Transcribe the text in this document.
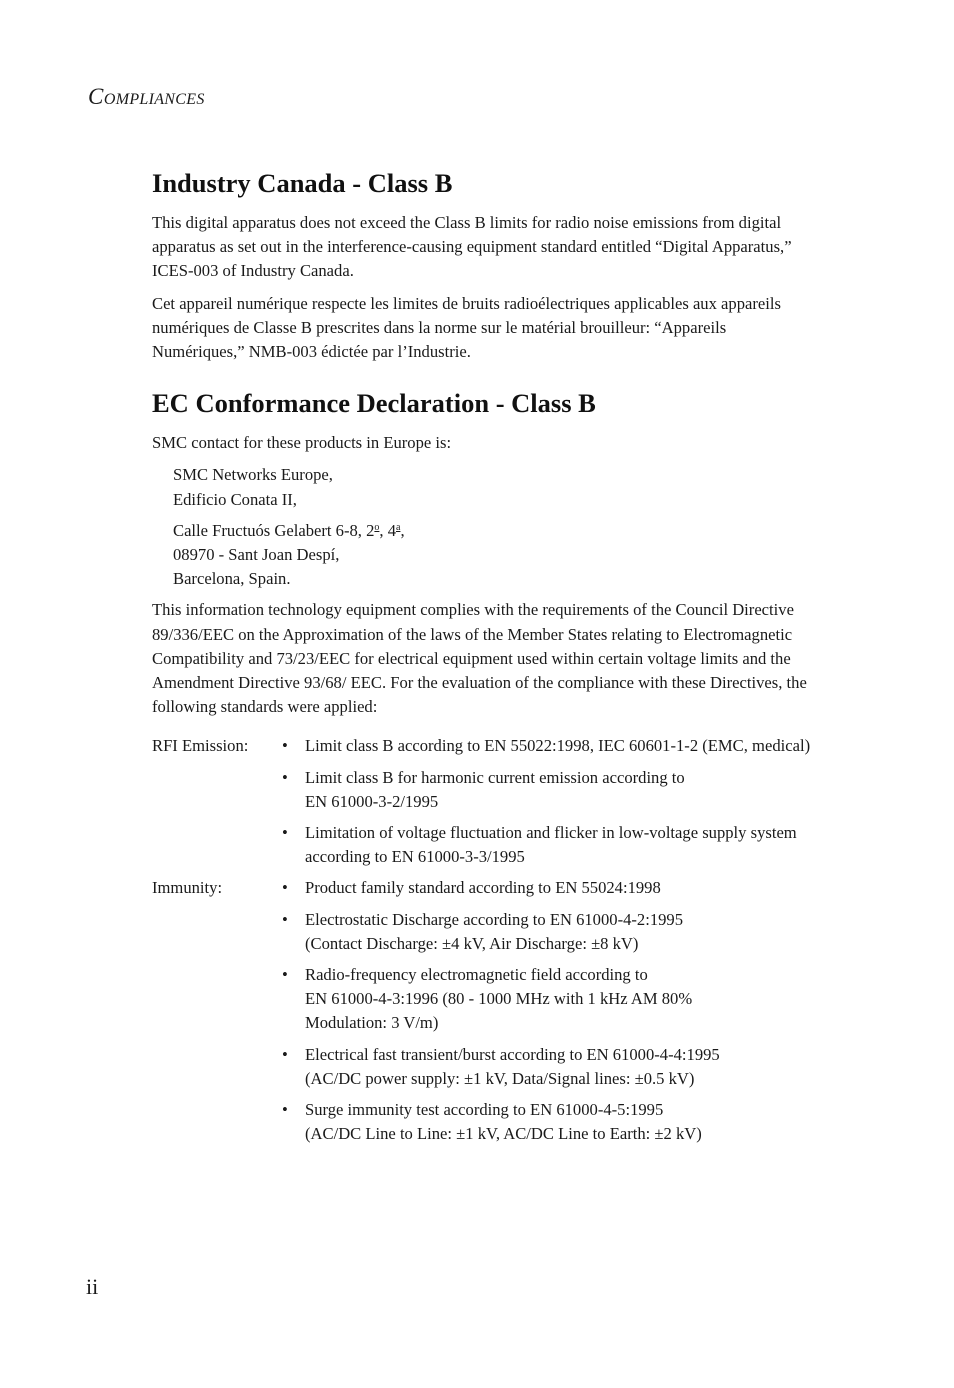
COMPLIANCES
Industry Canada - Class B

This digital apparatus does not exceed the Class B limits for radio noise emissions from digital apparatus as set out in the interference-causing equipment standard entitled “Digital Apparatus,” ICES-003 of Industry Canada.

Cet appareil numérique respecte les limites de bruits radioélectriques applicables aux appareils numériques de Classe B prescrites dans la norme sur le matérial brouilleur: “Appareils Numériques,” NMB-003 édictée par l’Industrie.

EC Conformance Declaration - Class B

SMC contact for these products in Europe is:

SMC Networks Europe,
Edificio Conata II,
Calle Fructuós Gelabert 6-8, 2$^o$, 4$^a$,
08970 - Sant Joan Despí,
Barcelona, Spain.

This information technology equipment complies with the requirements of the Council Directive 89/336/EEC on the Approximation of the laws of the Member States relating to Electromagnetic Compatibility and 73/23/EEC for electrical equipment used within certain voltage limits and the Amendment Directive 93/68/ EEC. For the evaluation of the compliance with these Directives, the following standards were applied:

RFI Emission:	•	Limit class B according to EN 55022:1998, IEC 60601-1-2 (EMC, medical)
•	Limit class B for harmonic current emission according to
EN 61000-3-2/1995
•	Limitation of voltage fluctuation and flicker in low-voltage supply system according to EN 61000-3-3/1995
Immunity:	•	Product family standard according to EN 55024:1998
•	Electrostatic Discharge according to EN 61000-4-2:1995
(Contact Discharge: ±4 kV, Air Discharge: ±8 kV)
•	Radio-frequency electromagnetic field according to
EN 61000-4-3:1996 (80 - 1000 MHz with 1 kHz AM 80%
Modulation: 3 V/m)
•	Electrical fast transient/burst according to EN 61000-4-4:1995
(AC/DC power supply: ±1 kV, Data/Signal lines: ±0.5 kV)
•	Surge immunity test according to EN 61000-4-5:1995
(AC/DC Line to Line: ±1 kV, AC/DC Line to Earth: ±2 kV)
ii
